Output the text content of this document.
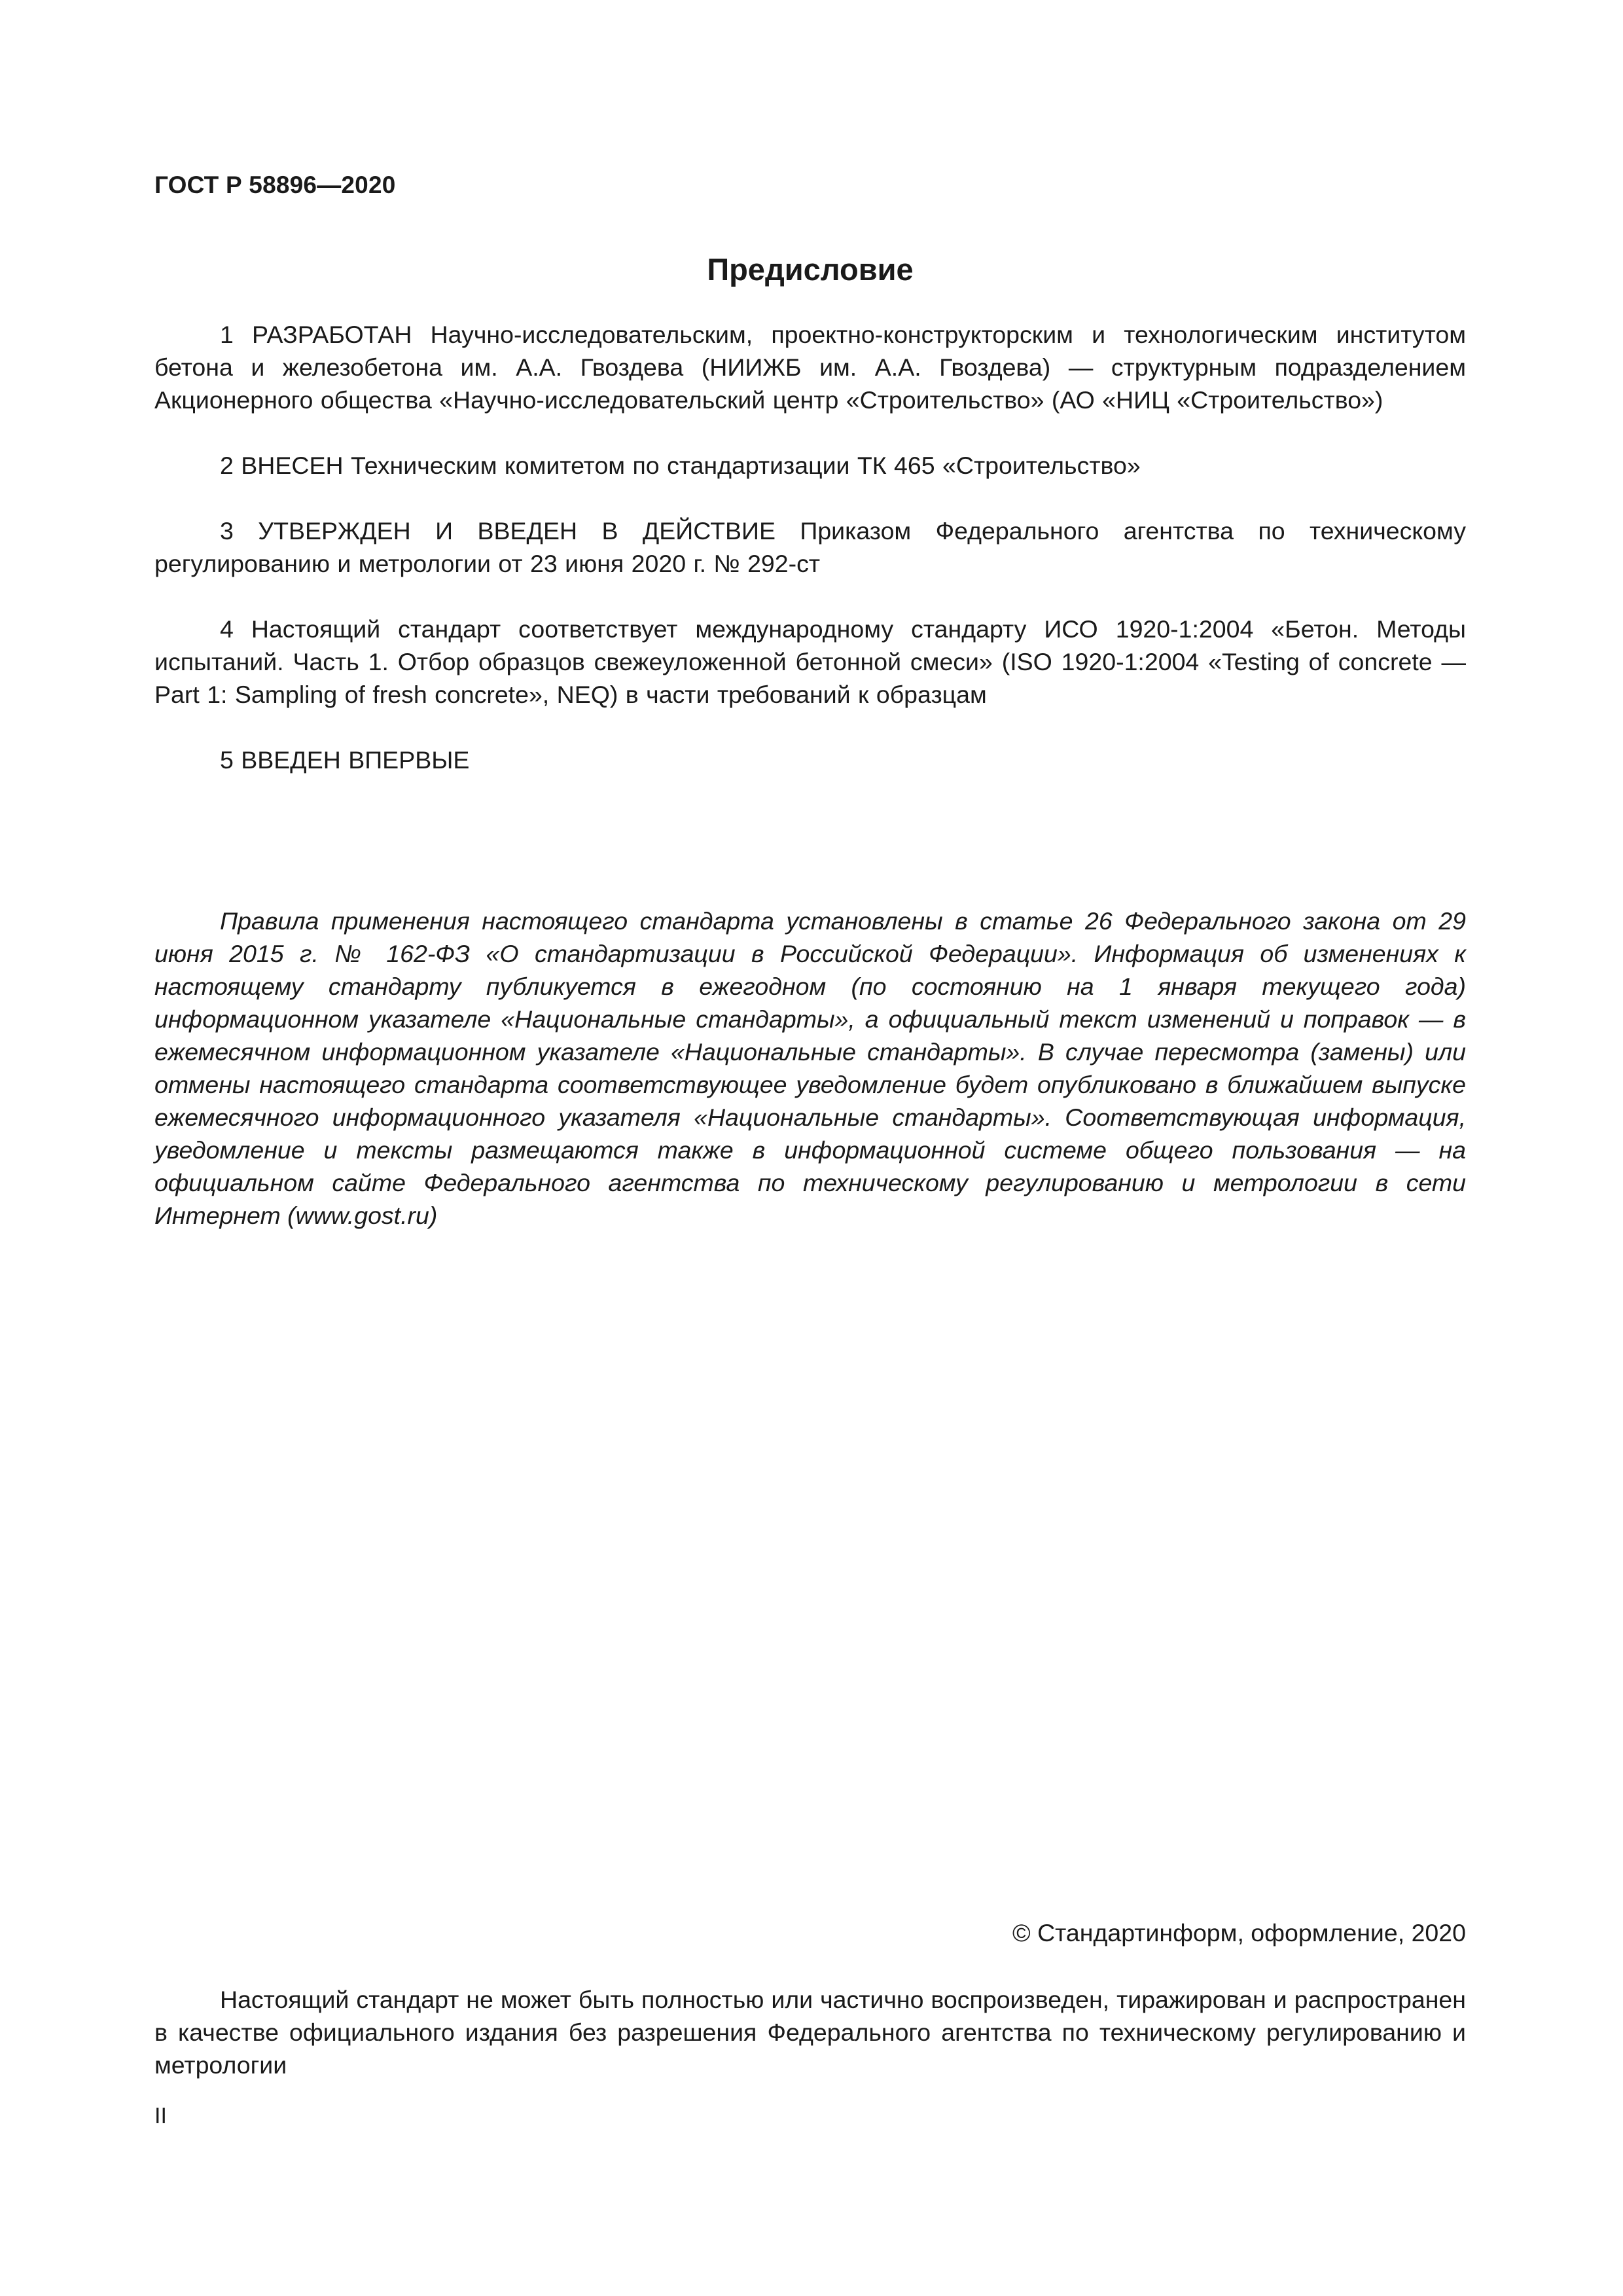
ГОСТ Р 58896—2020
Предисловие

1 РАЗРАБОТАН Научно-исследовательским, проектно-конструкторским и технологическим институтом бетона и железобетона им. А.А. Гвоздева (НИИЖБ им. А.А. Гвоздева) — структурным подразделением Акционерного общества «Научно-исследовательский центр «Строительство» (АО «НИЦ «Строительство»)

2 ВНЕСЕН Техническим комитетом по стандартизации ТК 465 «Строительство»

3 УТВЕРЖДЕН И ВВЕДЕН В ДЕЙСТВИЕ Приказом Федерального агентства по техническому регулированию и метрологии от 23 июня 2020 г. № 292-ст

4 Настоящий стандарт соответствует международному стандарту ИСО 1920-1:2004 «Бетон. Методы испытаний. Часть 1. Отбор образцов свежеуложенной бетонной смеси» (ISO 1920-1:2004 «Testing of concrete — Part 1: Sampling of fresh concrete», NEQ) в части требований к образцам

5 ВВЕДЕН ВПЕРВЫЕ

Правила применения настоящего стандарта установлены в статье 26 Федерального закона от 29 июня 2015 г. № 162-ФЗ «О стандартизации в Российской Федерации». Информация об изменениях к настоящему стандарту публикуется в ежегодном (по состоянию на 1 января текущего года) информационном указателе «Национальные стандарты», а официальный текст изменений и поправок — в ежемесячном информационном указателе «Национальные стандарты». В случае пересмотра (замены) или отмены настоящего стандарта соответствующее уведомление будет опубликовано в ближайшем выпуске ежемесячного информационного указателя «Национальные стандарты». Соответствующая информация, уведомление и тексты размещаются также в информационной системе общего пользования — на официальном сайте Федерального агентства по техническому регулированию и метрологии в сети Интернет (www.gost.ru)

© Стандартинформ, оформление, 2020

Настоящий стандарт не может быть полностью или частично воспроизведен, тиражирован и распространен в качестве официального издания без разрешения Федерального агентства по техническому регулированию и метрологии

II
